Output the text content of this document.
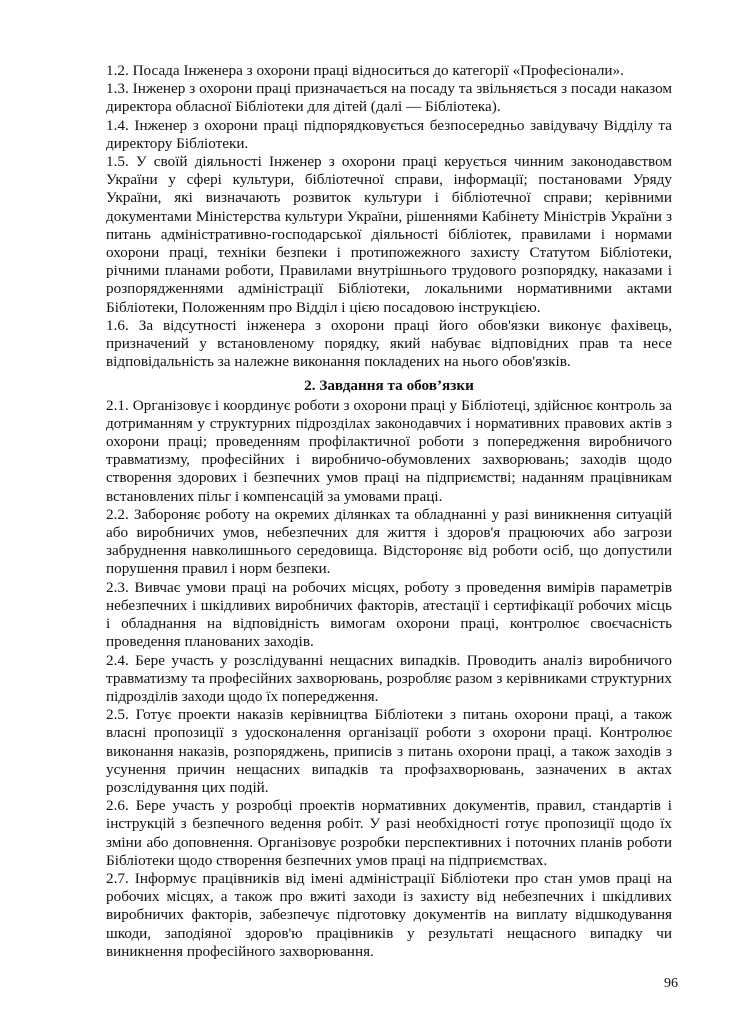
1.2. Посада Інженера з охорони праці відноситься до категорії «Професіонали».

1.3. Інженер з охорони праці призначається на посаду та звільняється з посади наказом директора обласної Бібліотеки для дітей (далі — Бібліотека).

1.4. Інженер з охорони праці підпорядковується безпосередньо завідувачу Відділу та директору Бібліотеки.

1.5. У своїй діяльності Інженер з охорони праці керується чинним законодавством України у сфері культури, бібліотечної справи, інформації; постановами Уряду України, які визначають розвиток культури і бібліотечної справи; керівними документами Міністерства культури України, рішеннями Кабінету Міністрів України з питань адміністративно-господарської діяльності бібліотек, правилами і нормами охорони праці, техніки безпеки і протипожежного захисту Статутом Бібліотеки, річними планами роботи, Правилами внутрішнього трудового розпорядку, наказами і розпорядженнями адміністрації Бібліотеки, локальними нормативними актами Бібліотеки, Положенням про Відділ і цією посадовою інструкцією.

1.6. За відсутності інженера з охорони праці його обов'язки виконує фахівець, призначений у встановленому порядку, який набуває відповідних прав та несе відповідальність за належне виконання покладених на нього обов'язків.

2. Завдання та обов’язки

2.1. Організовує і координує роботи з охорони праці у Бібліотеці, здійснює контроль за дотриманням у структурних підрозділах законодавчих і нормативних правових актів з охорони праці; проведенням профілактичної роботи з попередження виробничого травматизму, професійних і виробничо-обумовлених захворювань; заходів щодо створення здорових і безпечних умов праці на підприємстві; наданням працівникам встановлених пільг і компенсацій за умовами праці.

2.2. Забороняє роботу на окремих ділянках та обладнанні у разі виникнення ситуацій або виробничих умов, небезпечних для життя і здоров'я працюючих або загрози забруднення навколишнього середовища. Відстороняє від роботи осіб, що допустили порушення правил і норм безпеки.

2.3. Вивчає умови праці на робочих місцях, роботу з проведення вимірів параметрів небезпечних і шкідливих виробничих факторів, атестації і сертифікації робочих місць і обладнання на відповідність вимогам охорони праці, контролює своєчасність проведення планованих заходів.

2.4. Бере участь у розслідуванні нещасних випадків. Проводить аналіз виробничого травматизму та професійних захворювань, розробляє разом з керівниками структурних підрозділів заходи щодо їх попередження.

2.5. Готує проекти наказів керівництва Бібліотеки з питань охорони праці, а також власні пропозиції з удосконалення організації роботи з охорони праці. Контролює виконання наказів, розпоряджень, приписів з питань охорони праці, а також заходів з усунення причин нещасних випадків та профзахворювань, зазначених в актах розслідування цих подій.

2.6. Бере участь у розробці проектів нормативних документів, правил, стандартів і інструкцій з безпечного ведення робіт. У разі необхідності готує пропозиції щодо їх зміни або доповнення. Організовує розробки перспективних і поточних планів роботи Бібліотеки щодо створення безпечних умов праці на підприємствах.

2.7. Інформує працівників від імені адміністрації Бібліотеки про стан умов праці на робочих місцях, а також про вжиті заходи із захисту від небезпечних і шкідливих виробничих факторів, забезпечує підготовку документів на виплату відшкодування шкоди, заподіяної здоров'ю працівників у результаті нещасного випадку чи виникнення професійного захворювання.

96
